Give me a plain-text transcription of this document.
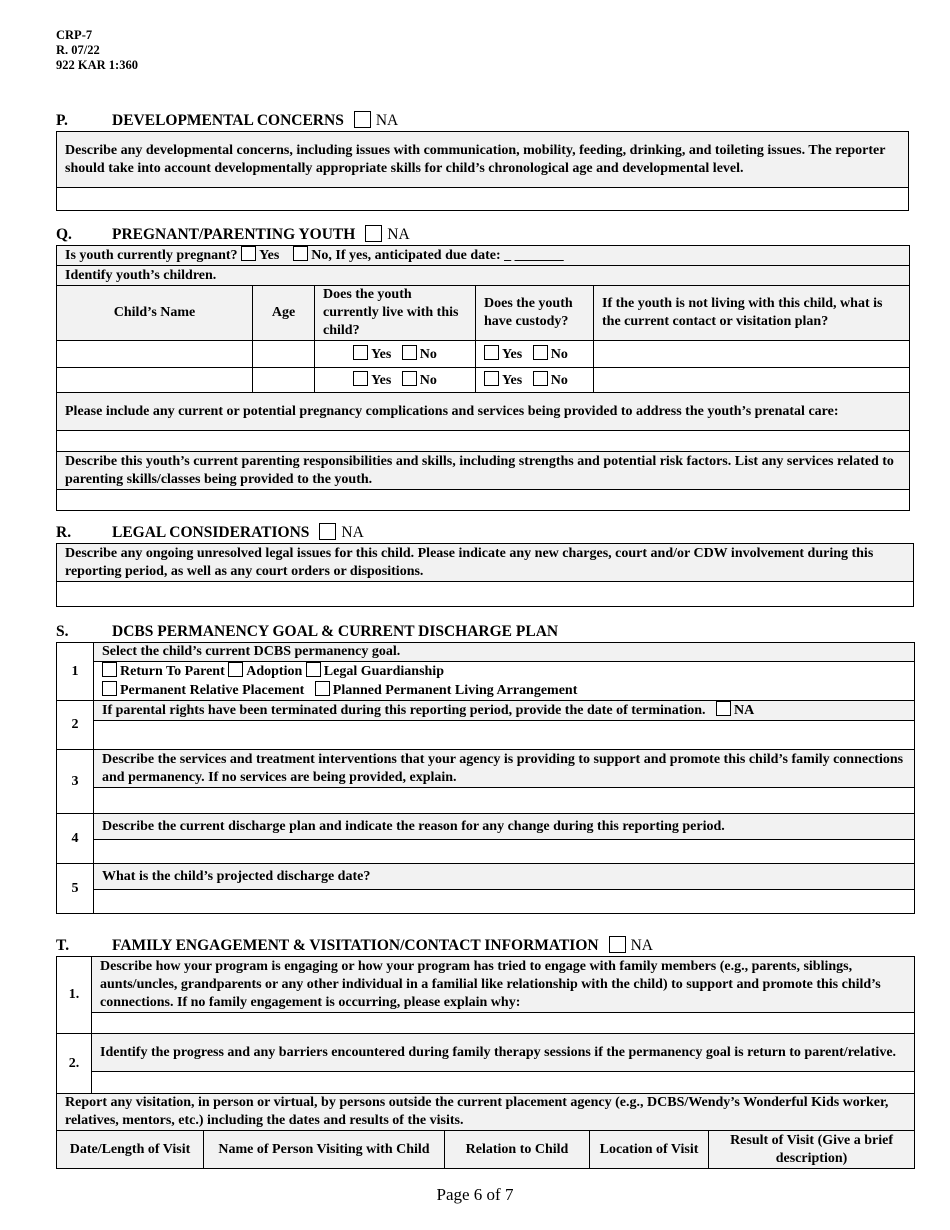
CRP-7
R. 07/22
922 KAR 1:360
P.	DEVELOPMENTAL CONCERNS NA
Describe any developmental concerns, including issues with communication, mobility, feeding, drinking, and toileting issues. The reporter should take into account developmentally appropriate skills for child’s chronological age and developmental level.

Q.	PREGNANT/PARENTING YOUTH NA
Is youth currently pregnant? Yes No, If yes, anticipated due date: _ _______				
Identify youth’s children.				
Child’s Name	Age	Does the youth currently live with this child?	Does the youth have custody?	If the youth is not living with this child, what is the current contact or visitation plan?
		Yes No	Yes No	
		Yes No	Yes No	
Please include any current or potential pregnancy complications and services being provided to address the youth’s prenatal care:				

Describe this youth’s current parenting responsibilities and skills, including strengths and potential risk factors. List any services related to parenting skills/classes being provided to the youth.				

R.	LEGAL CONSIDERATIONS NA
Describe any ongoing unresolved legal issues for this child. Please indicate any new charges, court and/or CDW involvement during this reporting period, as well as any court orders or dispositions.

S.	DCBS PERMANENCY GOAL & CURRENT DISCHARGE PLAN
1	Select the child’s current DCBS permanency goal.

	Return To Parent Adoption Legal Guardianship
Permanent Relative Placement Planned Permanent Living Arrangement

2	If parental rights have been terminated during this reporting period, provide the date of termination. NA

3	Describe the services and treatment interventions that your agency is providing to support and promote this child’s family connections and permanency. If no services are being provided, explain.

4	Describe the current discharge plan and indicate the reason for any change during this reporting period.

5	What is the child’s projected discharge date?

T.	FAMILY ENGAGEMENT & VISITATION/CONTACT INFORMATION NA
1.	Describe how your program is engaging or how your program has tried to engage with family members (e.g., parents, siblings, aunts/uncles, grandparents or any other individual in a familial like relationship with the child) to support and promote this child’s connections. If no family engagement is occurring, please explain why:

2.	Identify the progress and any barriers encountered during family therapy sessions if the permanency goal is return to parent/relative.

Report any visitation, in person or virtual, by persons outside the current placement agency (e.g., DCBS/Wendy’s Wonderful Kids worker, relatives, mentors, etc.) including the dates and results of the visits.
Date/Length of Visit	Name of Person Visiting with Child	Relation to Child	Location of Visit	Result of Visit (Give a brief description)
Page 6 of 7
